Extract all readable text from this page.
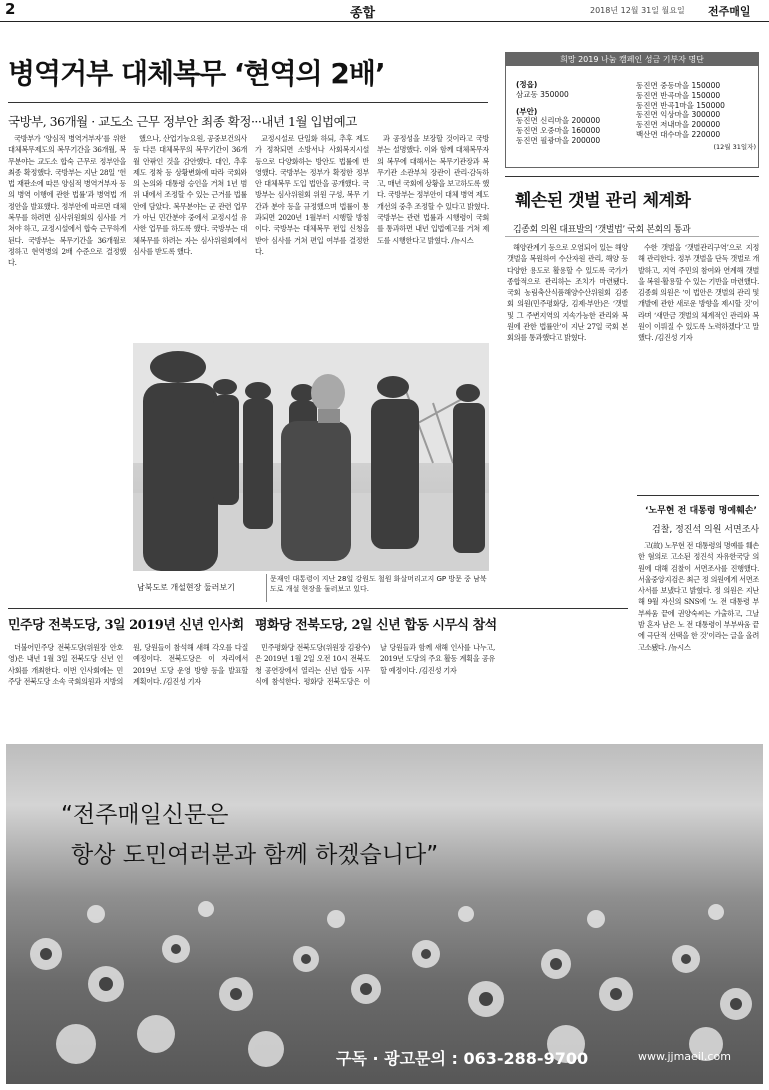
2	종합	2018년 12월 31일 월요일 전주매일
병역거부 대체복무 ‘현역의 2배’
국방부, 36개월 · 교도소 근무 정부안 최종 확정···내년 1월 입법예고

국방부가 ‘양심적 병역거부자’를 위한 대체복무제도의 복무기간을 36개월, 복무분야는 교도소 합숙 근무로 정부안을 최종 확정했다. 국방부는 지난 28일 ‘헌법 재판소에 따른 양심적 병역거부자 등의 병역 이행에 관한 법률’과 병역법 개정안을 발표했다. 정부안에 따르면 대체복무를 하려면 심사위원회의 심사를 거쳐야 하고, 교정시설에서 합숙 근무하게 된다. 국방부는 복무기간을 36개월로 정하고 현역병의 2배 수준으로 결정했다.

했으나, 산업기능요원, 공중보건의사 등 다른 대체복무의 복무기간이 36개월 안팎인 것을 감안했다. 대인, 추후 제도 정착 등 상황변화에 따라 국회와의 논의와 대통령 승인을 거쳐 1년 범위 내에서 조정할 수 있는 근거를 법률안에 담았다. 복무분야는 군 관련 업무가 아닌 민간분야 중에서 교정시설 유사한 업무를 하도록 했다. 국방부는 대체복무를 하려는 자는 심사위원회에서 심사를 받도록 했다.

교정시설로 단일화 하되, 추후 제도가 정착되면 소방서나 사회복지시설 등으로 다양화하는 방안도 법률에 반영했다. 국방부는 정부가 확정한 정부안 대체복무 도입 법안을 공개했다. 국방부는 심사위원회 위원 구성, 복무 기간과 분야 등을 규정했으며 법률이 통과되면 2020년 1월부터 시행할 방침이다. 국방부는 대체복무 편입 신청을 받아 심사를 거쳐 편입 여부를 결정한다.

과 공정성을 보장할 것이라고 국방부는 설명했다. 이와 함께 대체복무자의 복무에 대해서는 복무기관장과 복무기관 소관부처 장관이 관리·감독하고, 매년 국회에 상황을 보고하도록 했다. 국방부는 정부안이 대체 병역 제도 개선의 중추 조정할 수 있다고 밝혔다. 국방부는 관련 법률과 시행령이 국회를 통과하면 내년 입법예고를 거쳐 제도를 시행한다고 밝혔다. /뉴시스

남북도로 개설현장 둘러보기
문재인 대통령이 지난 28일 강원도 철원 화살머리고지 GP 방문 중 남북도로 개설 현장을 둘러보고 있다.
희망 2019 나눔 캠페인 성금 기부자 명단
(정읍)
삼교동 350000
(부안)
동진면 신리마을 200000
동진면 오중마을 160000
동진면 필광마을 200000
동진면 중동마을 150000
동진면 반곡마을 150000
동진면 반곡1마을 150000
동진면 익상마을 300000
동진면 저내마을 200000
백산면 대수마을 220000
(12월 31일자)
훼손된 갯벌 관리 체계화
김종회 의원 대표발의 ‘갯벌법’ 국회 본회의 통과

해양관계기 등으로 오염되어 있는 해양 갯벌을 복원하여 수산자원 관리, 해양 등 다양한 용도로 활용할 수 있도록 국가가 종합적으로 관리하는 조치가 마련됐다. 국회 농림축산식품해양수산위원회 김종회 의원(민주평화당, 김제·부안)은 ‘갯벌 및 그 주변지역의 지속가능한 관리와 복원에 관한 법률안’이 지난 27일 국회 본회의를 통과했다고 밝혔다.

수한 갯벌을 ‘갯벌관리구역’으로 지정해 관리한다. 정부 갯벌을 단독 갯벌로 개발하고, 지역 주민의 참여와 연계해 갯벌을 복원·활용할 수 있는 기반을 마련했다. 김종회 의원은 ‘이 법안은 갯벌의 관리 및 개발에 관한 새로운 방향을 제시할 것’이라며 ‘새만금 갯벌의 체계적인 관리와 복원이 이뤄질 수 있도록 노력하겠다’고 말했다. /김진성 기자

‘노무현 전 대통령 명예훼손’
검찰, 정진석 의원 서면조사

고(故) 노무현 전 대통령의 명예를 훼손한 혐의로 고소된 정진석 자유한국당 의원에 대해 검찰이 서면조사를 진행했다. 서울중앙지검은 최근 정 의원에게 서면조사서를 보냈다고 밝혔다. 정 의원은 지난해 9월 자신의 SNS에 ‘노 전 대통령 부부싸움 끝에 권양숙씨는 가출하고, 그날 밤 혼자 남은 노 전 대통령이 부부싸움 끝에 극단적 선택을 한 것’이라는 글을 올려 고소됐다. /뉴시스

민주당 전북도당, 3일 2019년 신년 인사회

더불어민주당 전북도당(위원장 안호영)은 내년 1월 3일 전북도당 신년 인사회를 개최한다. 이번 인사회에는 민주당 전북도당 소속 국회의원과 지방의원, 당원들이 참석해 새해 각오를 다질 예정이다. 전북도당은 이 자리에서 2019년 도당 운영 방향 등을 발표할 계획이다. /김진성 기자

평화당 전북도당, 2일 신년 합동 시무식 참석

민주평화당 전북도당(위원장 김광수)은 2019년 1월 2일 오전 10시 전북도청 공연장에서 열리는 신년 합동 시무식에 참석한다. 평화당 전북도당은 이날 당원들과 함께 새해 인사를 나누고, 2019년 도당의 주요 활동 계획을 공유할 예정이다. /김진성 기자

“전주매일신문은
항상 도민여러분과 함께 하겠습니다”
구독 · 광고문의 : 063-288-9700	www.jjmaeil.com
